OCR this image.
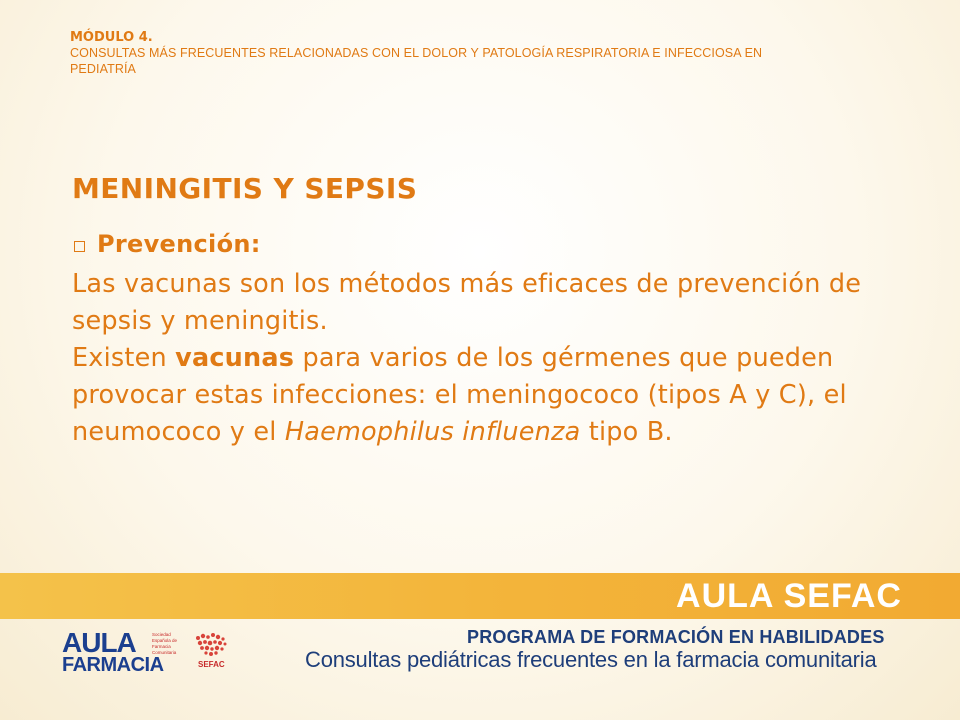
MÓDULO 4.
CONSULTAS MÁS FRECUENTES RELACIONADAS CON EL DOLOR Y PATOLOGÍA RESPIRATORIA E INFECCIOSA EN PEDIATRÍA
MENINGITIS Y SEPSIS
Prevención:

Las vacunas son los métodos más eficaces de prevención de sepsis y meningitis.

Existen vacunas para varios de los gérmenes que pueden provocar estas infecciones: el meningococo (tipos A y C), el neumococo y el Haemophilus influenza tipo B.

AULA SEFAC
AULA
FARMACIA
Sociedad Española de Farmacia Comunitaria
SEFAC
PROGRAMA DE FORMACIÓN EN HABILIDADES
Consultas pediátricas frecuentes en la farmacia comunitaria
